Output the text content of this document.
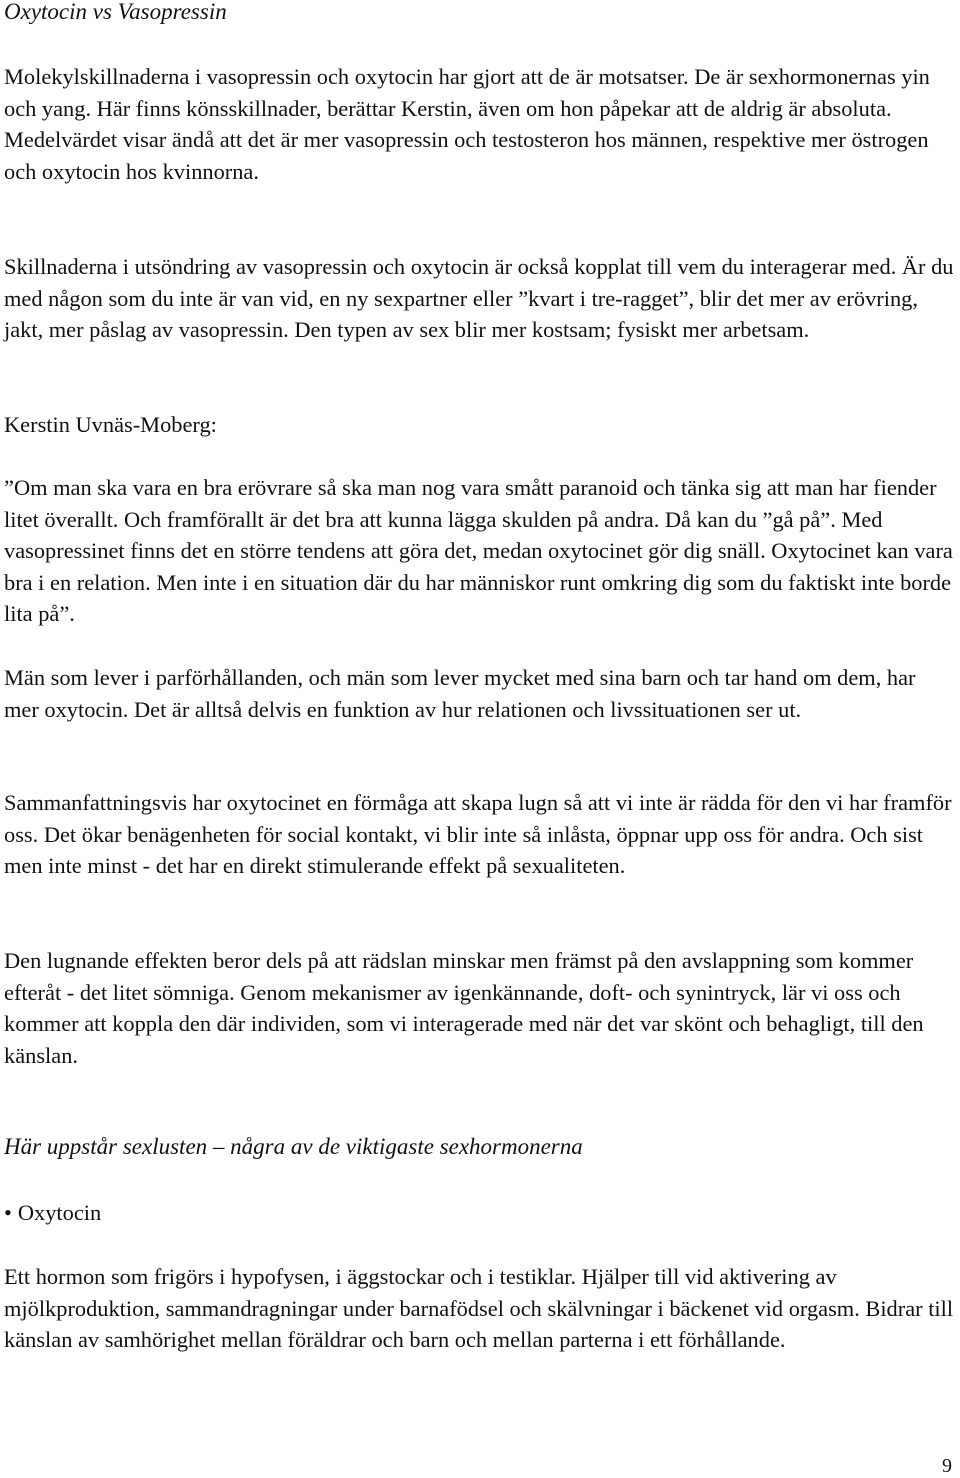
Oxytocin vs Vasopressin

Molekylskillnaderna i vasopressin och oxytocin har gjort att de är motsatser. De är sexhormonernas yin och yang. Här finns könsskillnader, berättar Kerstin, även om hon påpekar att de aldrig är absoluta. Medelvärdet visar ändå att det är mer vasopressin och testosteron hos männen, respektive mer östrogen och oxytocin hos kvinnorna.

Skillnaderna i utsöndring av vasopressin och oxytocin är också kopplat till vem du interagerar med. Är du med någon som du inte är van vid, en ny sexpartner eller ”kvart i tre-ragget”, blir det mer av erövring, jakt, mer påslag av vasopressin. Den typen av sex blir mer kostsam; fysiskt mer arbetsam.

Kerstin Uvnäs-Moberg:

”Om man ska vara en bra erövrare så ska man nog vara smått paranoid och tänka sig att man har fiender litet överallt. Och framförallt är det bra att kunna lägga skulden på andra. Då kan du ”gå på”. Med vasopressinet finns det en större tendens att göra det, medan oxytocinet gör dig snäll. Oxytocinet kan vara bra i en relation. Men inte i en situation där du har människor runt omkring dig som du faktiskt inte borde lita på”.

Män som lever i parförhållanden, och män som lever mycket med sina barn och tar hand om dem, har mer oxytocin. Det är alltså delvis en funktion av hur relationen och livssituationen ser ut.

Sammanfattningsvis har oxytocinet en förmåga att skapa lugn så att vi inte är rädda för den vi har framför oss. Det ökar benägenheten för social kontakt, vi blir inte så inlåsta, öppnar upp oss för andra. Och sist men inte minst - det har en direkt stimulerande effekt på sexualiteten.

Den lugnande effekten beror dels på att rädslan minskar men främst på den avslappning som kommer efteråt - det litet sömniga. Genom mekanismer av igenkännande, doft- och synintryck, lär vi oss och kommer att koppla den där individen, som vi interagerade med när det var skönt och behagligt, till den känslan.

Här uppstår sexlusten – några av de viktigaste sexhormonerna

• Oxytocin

Ett hormon som frigörs i hypofysen, i äggstockar och i testiklar. Hjälper till vid aktivering av mjölkproduktion, sammandragningar under barnafödsel och skälvningar i bäckenet vid orgasm. Bidrar till känslan av samhörighet mellan föräldrar och barn och mellan parterna i ett förhållande.

9
